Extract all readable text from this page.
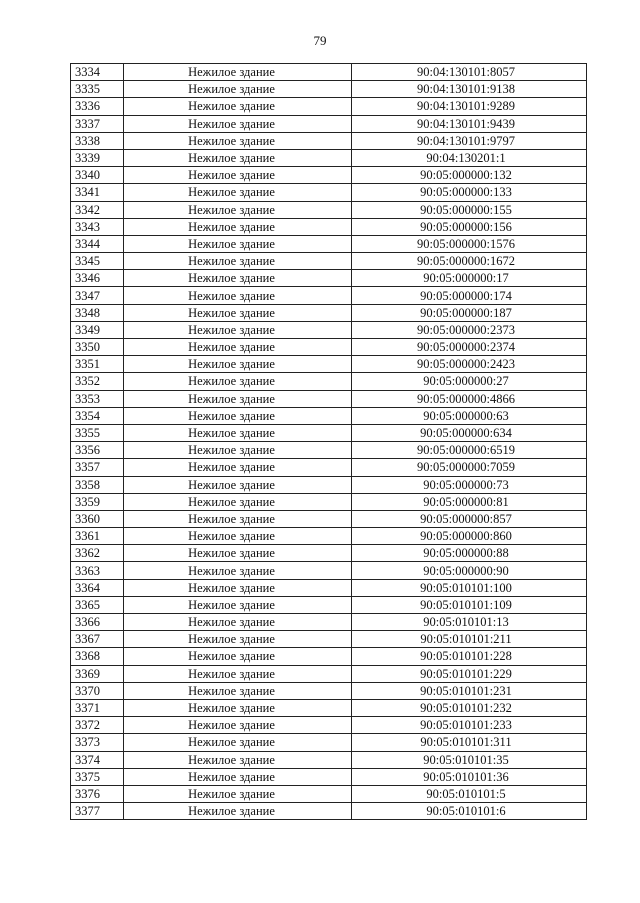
79
3334	Нежилое здание	90:04:130101:8057
3335	Нежилое здание	90:04:130101:9138
3336	Нежилое здание	90:04:130101:9289
3337	Нежилое здание	90:04:130101:9439
3338	Нежилое здание	90:04:130101:9797
3339	Нежилое здание	90:04:130201:1
3340	Нежилое здание	90:05:000000:132
3341	Нежилое здание	90:05:000000:133
3342	Нежилое здание	90:05:000000:155
3343	Нежилое здание	90:05:000000:156
3344	Нежилое здание	90:05:000000:1576
3345	Нежилое здание	90:05:000000:1672
3346	Нежилое здание	90:05:000000:17
3347	Нежилое здание	90:05:000000:174
3348	Нежилое здание	90:05:000000:187
3349	Нежилое здание	90:05:000000:2373
3350	Нежилое здание	90:05:000000:2374
3351	Нежилое здание	90:05:000000:2423
3352	Нежилое здание	90:05:000000:27
3353	Нежилое здание	90:05:000000:4866
3354	Нежилое здание	90:05:000000:63
3355	Нежилое здание	90:05:000000:634
3356	Нежилое здание	90:05:000000:6519
3357	Нежилое здание	90:05:000000:7059
3358	Нежилое здание	90:05:000000:73
3359	Нежилое здание	90:05:000000:81
3360	Нежилое здание	90:05:000000:857
3361	Нежилое здание	90:05:000000:860
3362	Нежилое здание	90:05:000000:88
3363	Нежилое здание	90:05:000000:90
3364	Нежилое здание	90:05:010101:100
3365	Нежилое здание	90:05:010101:109
3366	Нежилое здание	90:05:010101:13
3367	Нежилое здание	90:05:010101:211
3368	Нежилое здание	90:05:010101:228
3369	Нежилое здание	90:05:010101:229
3370	Нежилое здание	90:05:010101:231
3371	Нежилое здание	90:05:010101:232
3372	Нежилое здание	90:05:010101:233
3373	Нежилое здание	90:05:010101:311
3374	Нежилое здание	90:05:010101:35
3375	Нежилое здание	90:05:010101:36
3376	Нежилое здание	90:05:010101:5
3377	Нежилое здание	90:05:010101:6
